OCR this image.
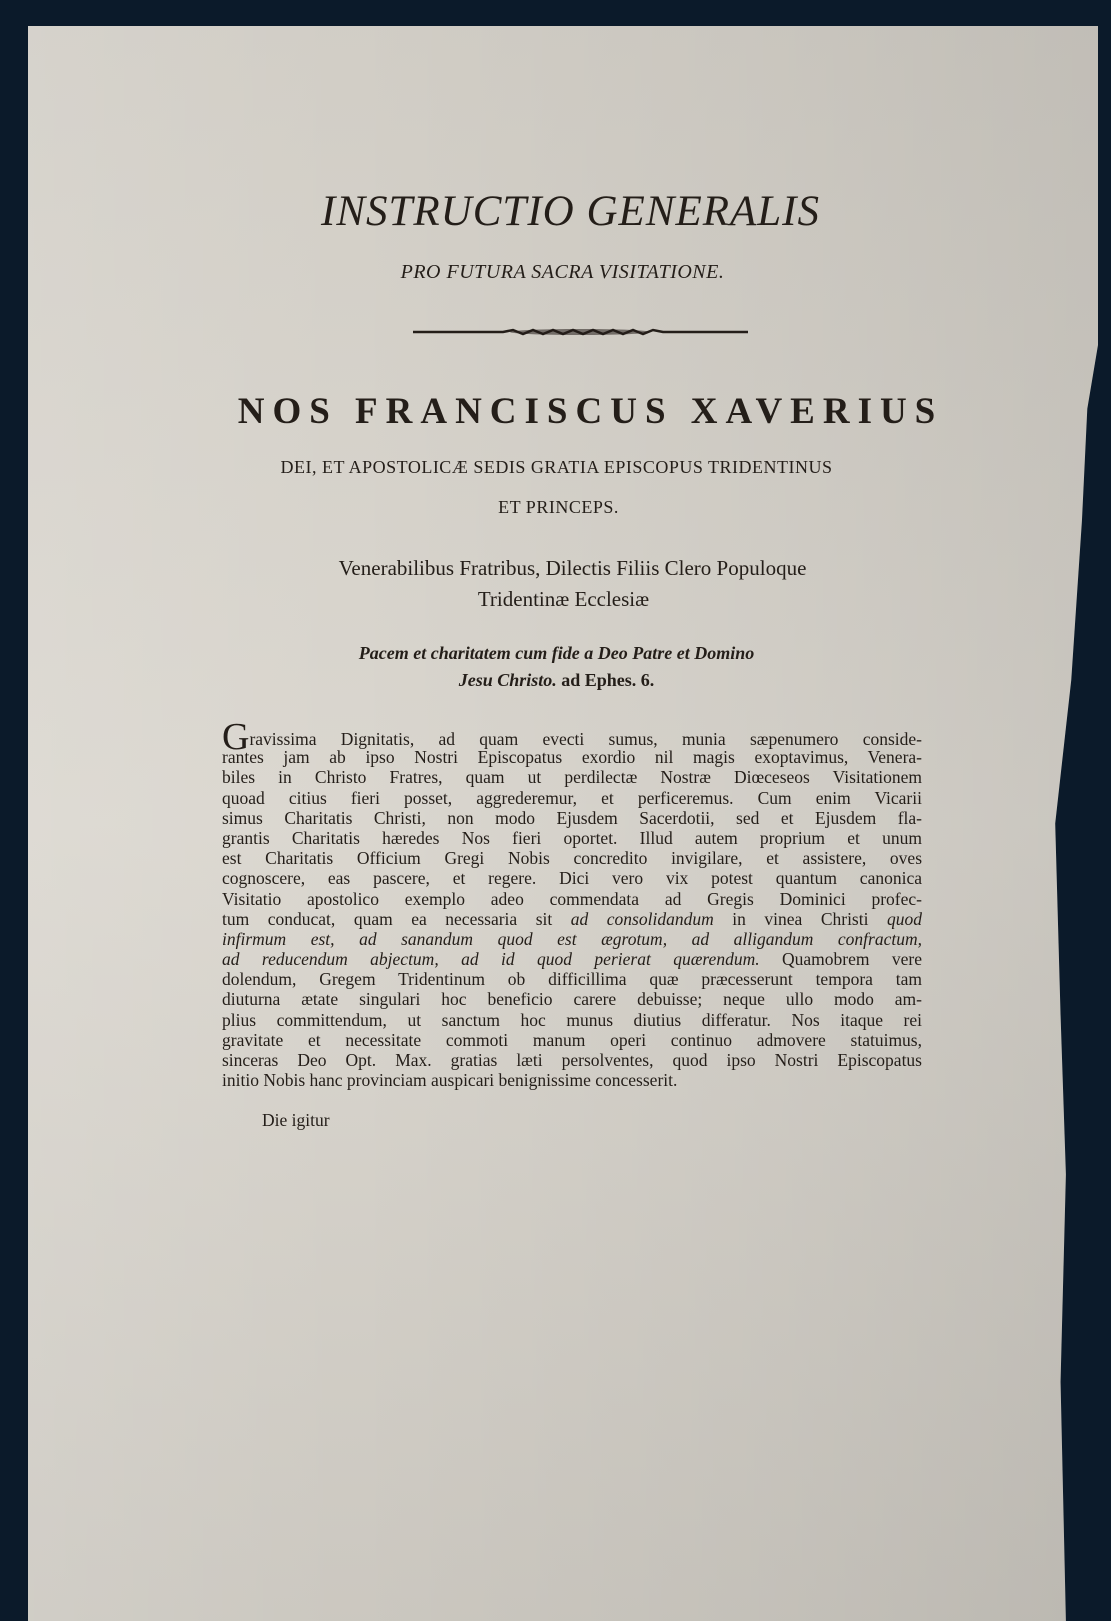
INSTRUCTIO GENERALIS
PRO FUTURA SACRA VISITATIONE.
NOS FRANCISCUS XAVERIUS
DEI, ET APOSTOLICÆ SEDIS GRATIA EPISCOPUS TRIDENTINUS
ET PRINCEPS.
Venerabilibus Fratribus, Dilectis Filiis Clero Populoque
Tridentinæ Ecclesiæ
Pacem et charitatem cum fide a Deo Patre et Domino
Jesu Christo. ad Ephes. 6.
Gravissima Dignitatis, ad quam evecti sumus, munia sæpenumero conside-
rantes jam ab ipso Nostri Episcopatus exordio nil magis exoptavimus, Venera-
biles in Christo Fratres, quam ut perdilectæ Nostræ Diœceseos Visitationem
quoad citius fieri posset, aggrederemur, et perficeremus. Cum enim Vicarii
simus Charitatis Christi, non modo Ejusdem Sacerdotii, sed et Ejusdem fla-
grantis Charitatis hæredes Nos fieri oportet. Illud autem proprium et unum
est Charitatis Officium Gregi Nobis concredito invigilare, et assistere, oves
cognoscere, eas pascere, et regere. Dici vero vix potest quantum canonica
Visitatio apostolico exemplo adeo commendata ad Gregis Dominici profec-
tum conducat, quam ea necessaria sit ad consolidandum in vinea Christi quod
infirmum est, ad sanandum quod est ægrotum, ad alligandum confractum,
ad reducendum abjectum, ad id quod perierat quærendum. Quamobrem vere
dolendum, Gregem Tridentinum ob difficillima quæ præcesserunt tempora tam
diuturna ætate singulari hoc beneficio carere debuisse; neque ullo modo am-
plius committendum, ut sanctum hoc munus diutius differatur. Nos itaque rei
gravitate et necessitate commoti manum operi continuo admovere statuimus,
sinceras Deo Opt. Max. gratias læti persolventes, quod ipso Nostri Episcopatus
initio Nobis hanc provinciam auspicari benignissime concesserit.
Die igitur
